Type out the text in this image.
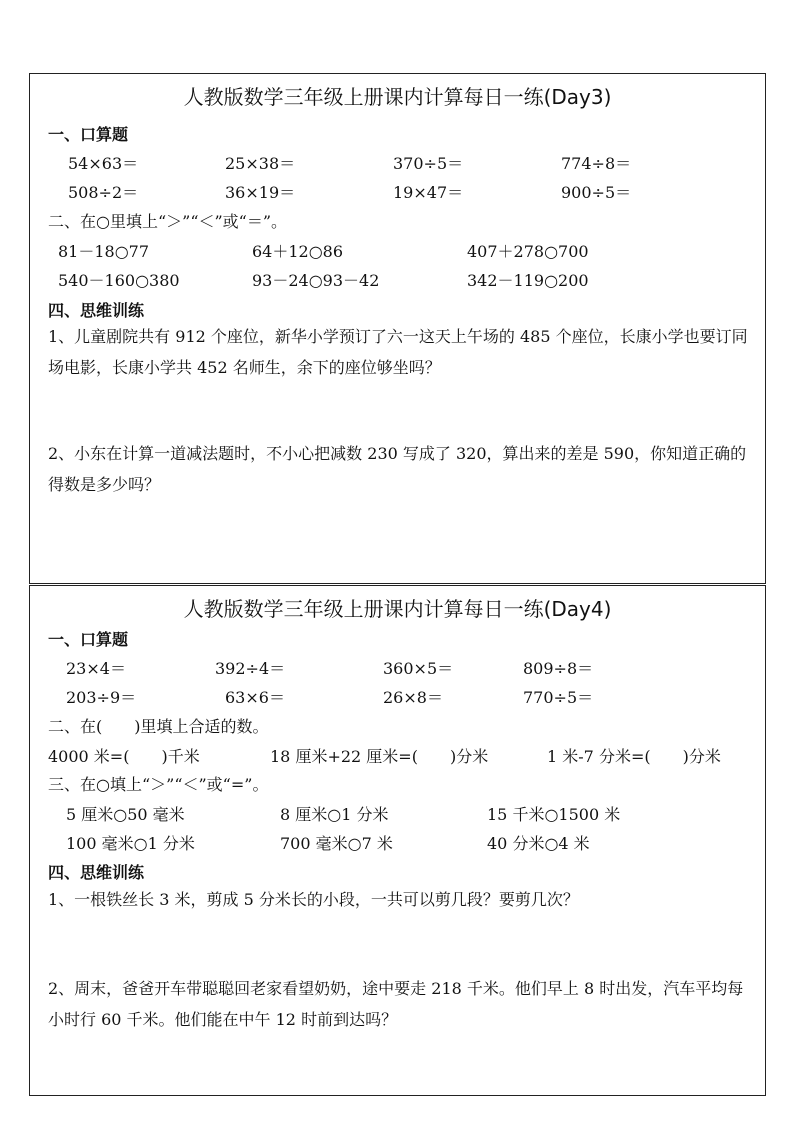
人教版数学三年级上册课内计算每日一练(Day3)
一、口算题
54×63＝	25×38＝	370÷5＝	774÷8＝
508÷2＝	36×19＝	19×47＝	900÷5＝
二、在○里填上“＞”“＜”或“＝”。
81－18○77	64＋12○86	407＋278○700
540－160○380	93－24○93－42	342－119○200
四、思维训练
1、儿童剧院共有 912 个座位，新华小学预订了六一这天上午场的 485 个座位，长康小学也要订同场电影，长康小学共 452 名师生，余下的座位够坐吗？
2、小东在计算一道减法题时，不小心把减数 230 写成了 320，算出来的差是 590，你知道正确的得数是多少吗？
人教版数学三年级上册课内计算每日一练(Day4)
一、口算题
23×4＝	392÷4＝	360×5＝	809÷8＝
203÷9＝	63×6＝	26×8＝	770÷5＝
二、在(　　)里填上合适的数。
4000 米=(　　)千米	18 厘米+22 厘米=(　　)分米	1 米-7 分米=(　　)分米
三、在○填上“＞”“＜”或“=”。
5 厘米○50 毫米	8 厘米○1 分米	15 千米○1500 米
100 毫米○1 分米	700 毫米○7 米	40 分米○4 米
四、思维训练
1、一根铁丝长 3 米，剪成 5 分米长的小段，一共可以剪几段？要剪几次？
2、周末，爸爸开车带聪聪回老家看望奶奶，途中要走 218 千米。他们早上 8 时出发，汽车平均每小时行 60 千米。他们能在中午 12 时前到达吗？
